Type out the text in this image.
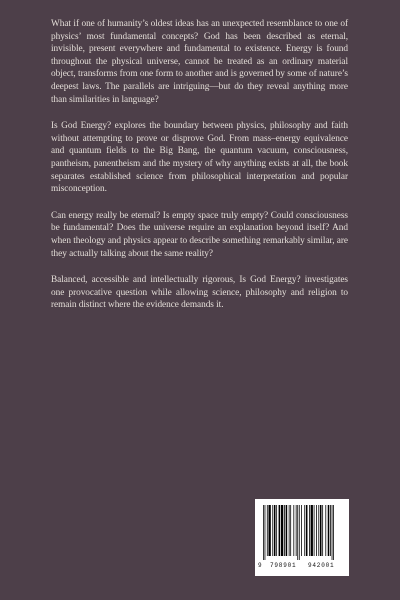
What if one of humanity’s oldest ideas has an unexpected resemblance to one of physics’ most fundamental concepts? God has been described as eternal, invisible, present everywhere and fundamental to existence. Energy is found throughout the physical universe, cannot be treated as an ordinary material object, transforms from one form to another and is governed by some of nature’s deepest laws. The parallels are intriguing—but do they reveal anything more than similarities in language?

Is God Energy? explores the boundary between physics, philosophy and faith without attempting to prove or disprove God. From mass–energy equivalence and quantum fields to the Big Bang, the quantum vacuum, consciousness, pantheism, panentheism and the mystery of why anything exists at all, the book separates established science from philosophical interpretation and popular misconception.

Can energy really be eternal? Is empty space truly empty? Could consciousness be fundamental? Does the universe require an explanation beyond itself? And when theology and physics appear to describe something remarkably similar, are they actually talking about the same reality?

Balanced, accessible and intellectually rigorous, Is God Energy? investigates one provocative question while allowing science, philosophy and religion to remain distinct where the evidence demands it.

9 798901 942001
